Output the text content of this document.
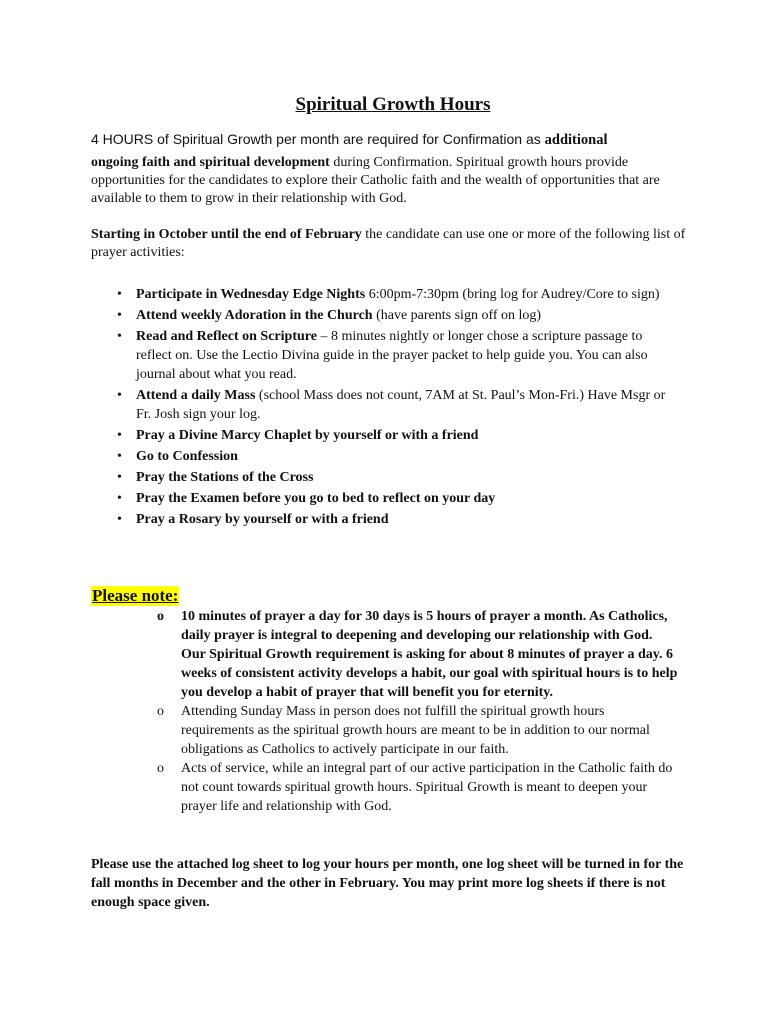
Spiritual Growth Hours
4 HOURS of Spiritual Growth per month are required for Confirmation as additional
ongoing faith and spiritual development during Confirmation. Spiritual growth hours provide opportunities for the candidates to explore their Catholic faith and the wealth of opportunities that are available to them to grow in their relationship with God.
Starting in October until the end of February the candidate can use one or more of the following list of prayer activities:
• Participate in Wednesday Edge Nights 6:00pm-7:30pm (bring log for Audrey/Core to sign)
• Attend weekly Adoration in the Church (have parents sign off on log)
• Read and Reflect on Scripture – 8 minutes nightly or longer chose a scripture passage to reflect on. Use the Lectio Divina guide in the prayer packet to help guide you. You can also journal about what you read.
• Attend a daily Mass (school Mass does not count, 7AM at St. Paul’s Mon-Fri.) Have Msgr or Fr. Josh sign your log.
• Pray a Divine Marcy Chaplet by yourself or with a friend
• Go to Confession
• Pray the Stations of the Cross
• Pray the Examen before you go to bed to reflect on your day
• Pray a Rosary by yourself or with a friend
Please note:
o 10 minutes of prayer a day for 30 days is 5 hours of prayer a month. As Catholics, daily prayer is integral to deepening and developing our relationship with God. Our Spiritual Growth requirement is asking for about 8 minutes of prayer a day. 6 weeks of consistent activity develops a habit, our goal with spiritual hours is to help you develop a habit of prayer that will benefit you for eternity.
o Attending Sunday Mass in person does not fulfill the spiritual growth hours requirements as the spiritual growth hours are meant to be in addition to our normal obligations as Catholics to actively participate in our faith.
o Acts of service, while an integral part of our active participation in the Catholic faith do not count towards spiritual growth hours. Spiritual Growth is meant to deepen your prayer life and relationship with God.
Please use the attached log sheet to log your hours per month, one log sheet will be turned in for the fall months in December and the other in February. You may print more log sheets if there is not enough space given.
